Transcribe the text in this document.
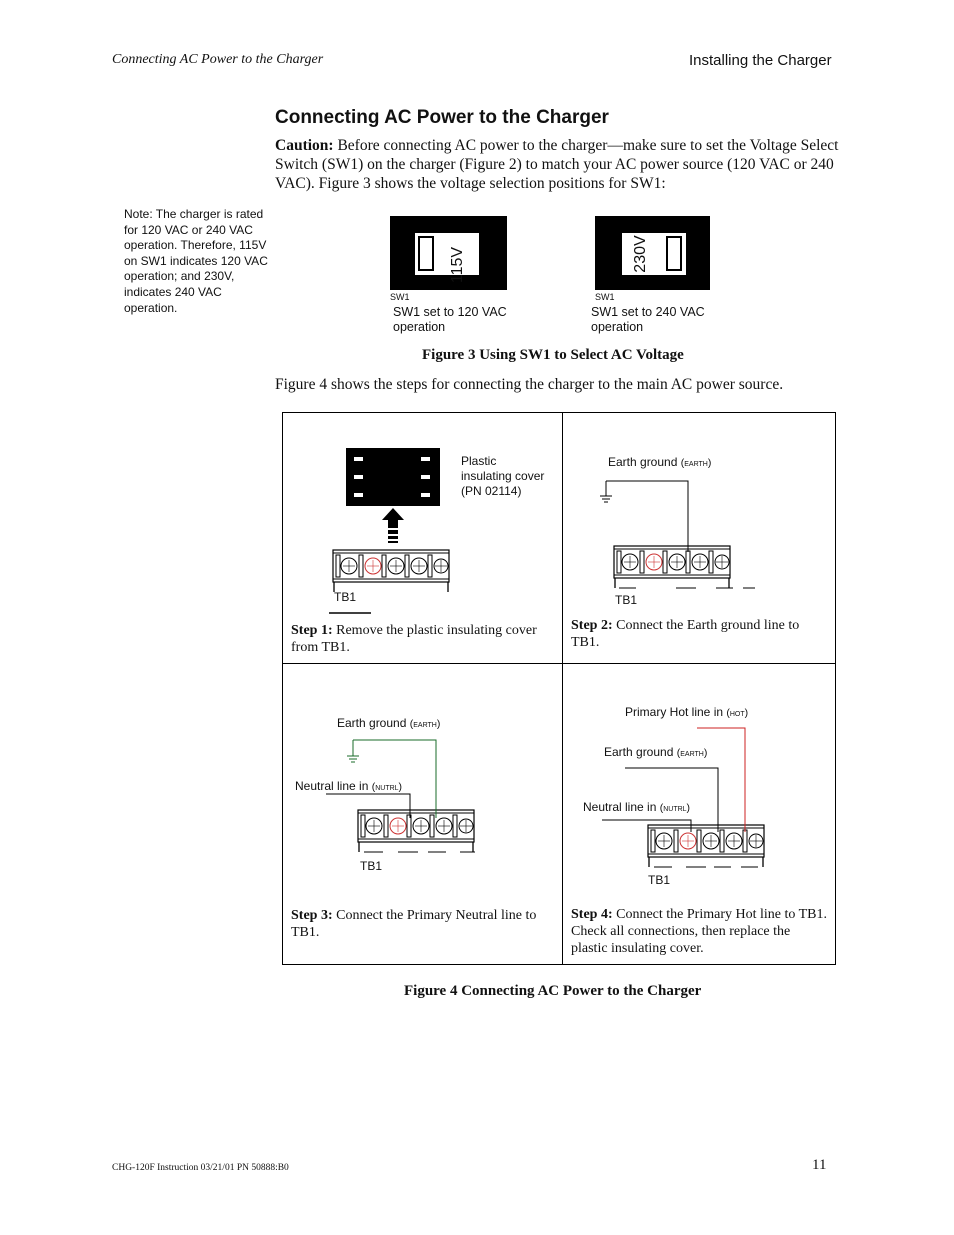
Connecting AC Power to the Charger	Installing the Charger
Connecting AC Power to the Charger
Caution: Before connecting AC power to the charger—make sure to set the Voltage Select Switch (SW1) on the charger (Figure 2) to match your AC power source (120 VAC or 240 VAC). Figure 3 shows the voltage selection positions for SW1:
Note: The charger is rated for 120 VAC or 240 VAC operation. Therefore, 115V on SW1 indicates 120 VAC operation; and 230V, indicates 240 VAC operation.
115V
SW1
SW1 set to 120 VAC
operation
230V
SW1
SW1 set to 240 VAC
operation
Figure 3 Using SW1 to Select AC Voltage
Figure 4 shows the steps for connecting the charger to the main AC power source.
Plastic
insulating cover
(PN 02114)
TB1
Step 1: Remove the plastic insulating cover from TB1.
Earth ground (earth)
TB1
Step 2: Connect the Earth ground line to TB1.
Earth ground (earth)
Neutral line in (nutrl)
TB1
Step 3: Connect the Primary Neutral line to TB1.
Primary Hot line in (hot)
Earth ground (earth)
Neutral line in (nutrl)
TB1
Step 4: Connect the Primary Hot line to TB1. Check all connections, then replace the plastic insulating cover.
Figure 4 Connecting AC Power to the Charger
CHG-120F Instruction 03/21/01 PN 50888:B0	11
